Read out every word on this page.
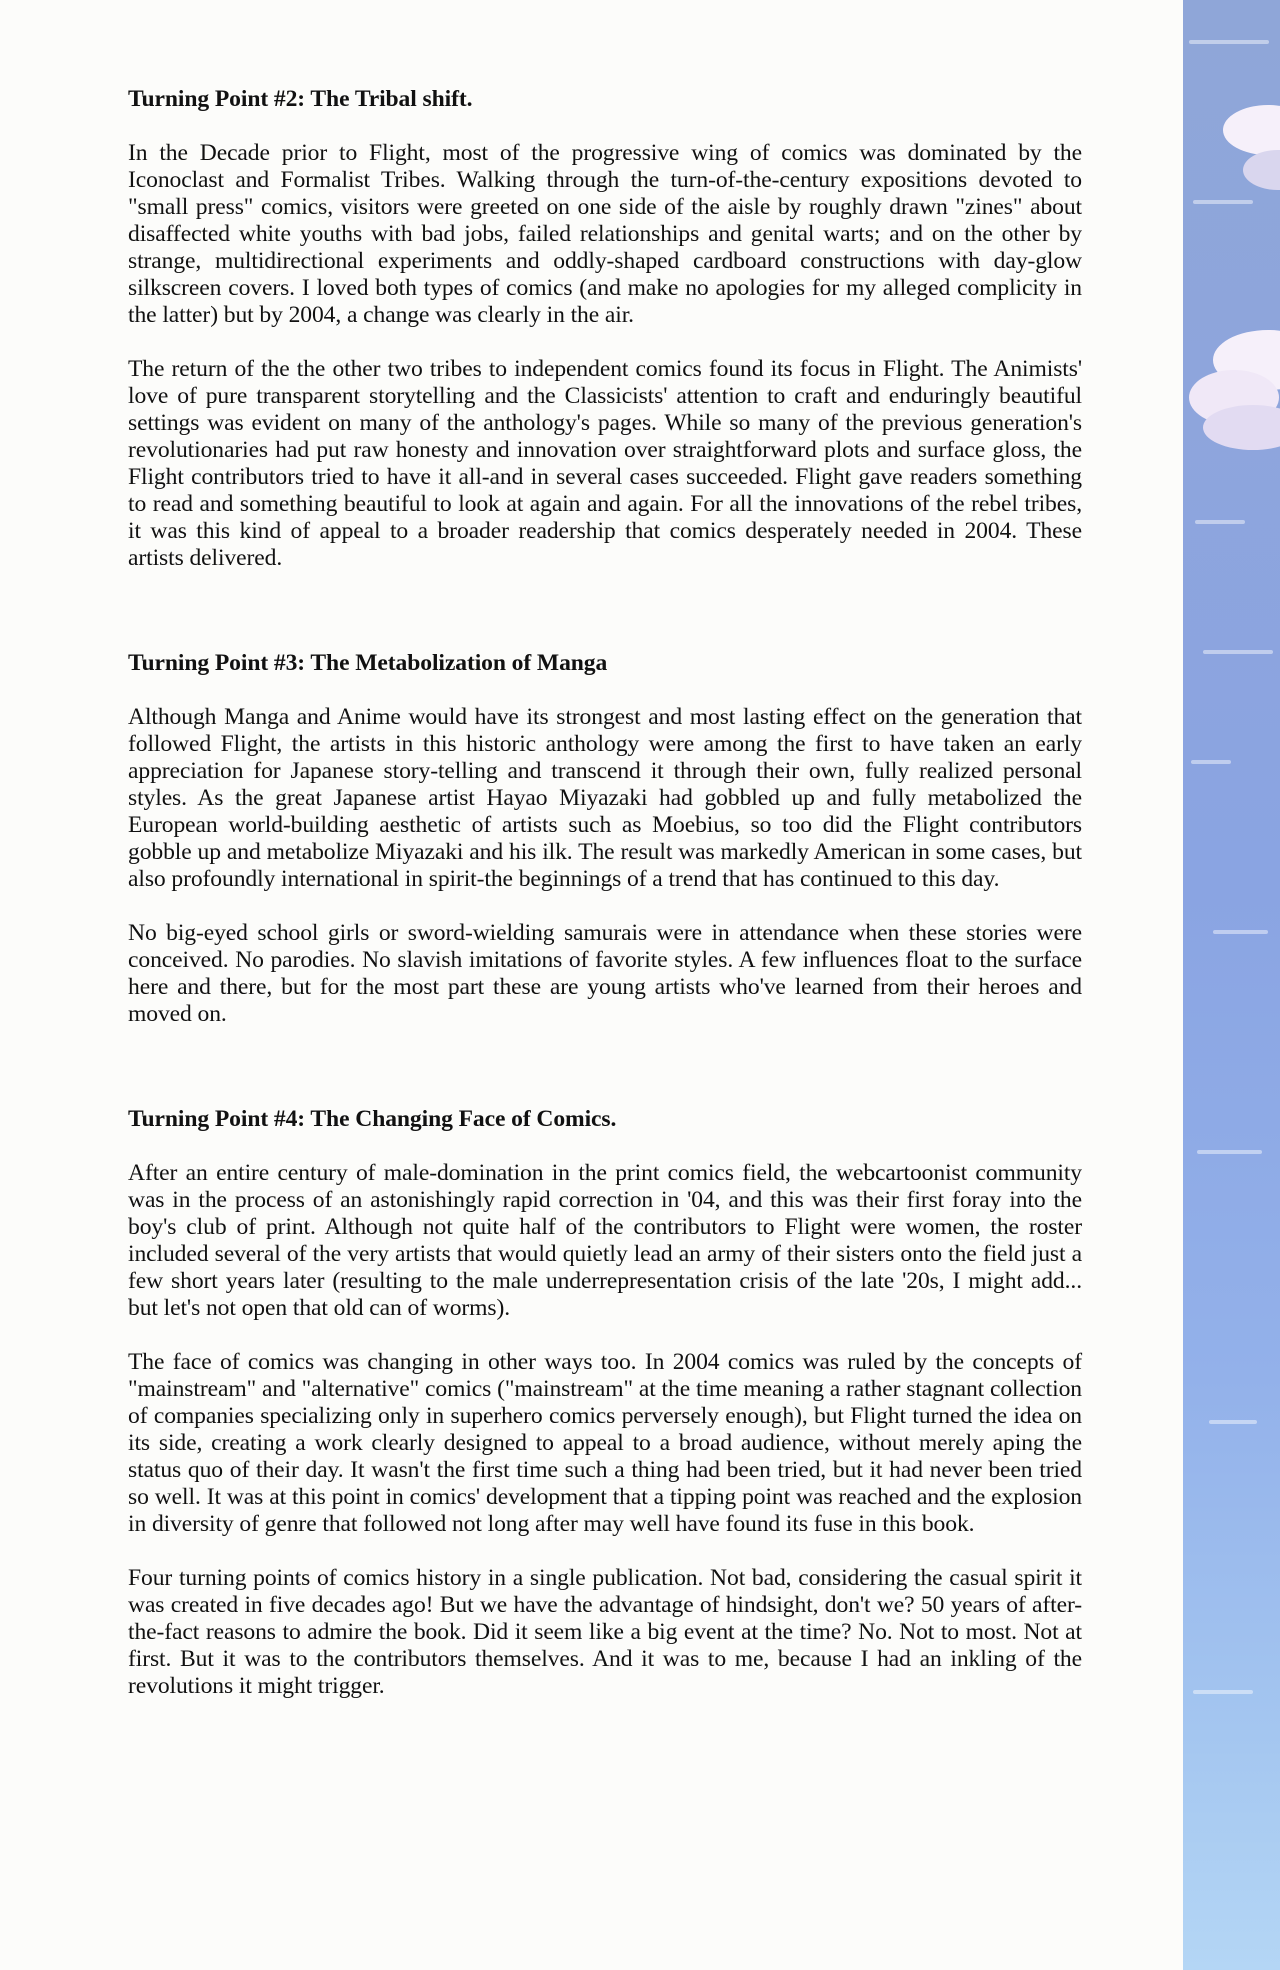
Turning Point #2: The Tribal shift.

In the Decade prior to Flight, most of the progressive wing of comics was dominated by the Iconoclast and Formalist Tribes. Walking through the turn-of-the-century expositions devoted to "small press" comics, visitors were greeted on one side of the aisle by roughly drawn "zines" about disaffected white youths with bad jobs, failed relationships and genital warts; and on the other by strange, multidirectional experiments and oddly-shaped cardboard constructions with day-glow silkscreen covers. I loved both types of comics (and make no apologies for my alleged complicity in the latter) but by 2004, a change was clearly in the air.

The return of the the other two tribes to independent comics found its focus in Flight. The Animists' love of pure transparent storytelling and the Classicists' attention to craft and enduringly beautiful settings was evident on many of the anthology's pages. While so many of the previous generation's revolutionaries had put raw honesty and innovation over straightforward plots and surface gloss, the Flight contributors tried to have it all-and in several cases succeeded. Flight gave readers something to read and something beautiful to look at again and again. For all the innovations of the rebel tribes, it was this kind of appeal to a broader readership that comics desperately needed in 2004. These artists delivered.

Turning Point #3: The Metabolization of Manga

Although Manga and Anime would have its strongest and most lasting effect on the generation that followed Flight, the artists in this historic anthology were among the first to have taken an early appreciation for Japanese story-telling and transcend it through their own, fully realized personal styles. As the great Japanese artist Hayao Miyazaki had gobbled up and fully metabolized the European world-building aesthetic of artists such as Moebius, so too did the Flight contributors gobble up and metabolize Miyazaki and his ilk. The result was markedly American in some cases, but also profoundly international in spirit-the beginnings of a trend that has continued to this day.

No big-eyed school girls or sword-wielding samurais were in attendance when these stories were conceived. No parodies. No slavish imitations of favorite styles. A few influences float to the surface here and there, but for the most part these are young artists who've learned from their heroes and moved on.

Turning Point #4: The Changing Face of Comics.

After an entire century of male-domination in the print comics field, the webcartoonist community was in the process of an astonishingly rapid correction in '04, and this was their first foray into the boy's club of print. Although not quite half of the contributors to Flight were women, the roster included several of the very artists that would quietly lead an army of their sisters onto the field just a few short years later (resulting to the male underrepresentation crisis of the late '20s, I might add... but let's not open that old can of worms).

The face of comics was changing in other ways too. In 2004 comics was ruled by the concepts of "mainstream" and "alternative" comics ("mainstream" at the time meaning a rather stagnant collection of companies specializing only in superhero comics perversely enough), but Flight turned the idea on its side, creating a work clearly designed to appeal to a broad audience, without merely aping the status quo of their day. It wasn't the first time such a thing had been tried, but it had never been tried so well. It was at this point in comics' development that a tipping point was reached and the explosion in diversity of genre that followed not long after may well have found its fuse in this book.

Four turning points of comics history in a single publication. Not bad, considering the casual spirit it was created in five decades ago! But we have the advantage of hindsight, don't we? 50 years of after-the-fact reasons to admire the book. Did it seem like a big event at the time? No. Not to most. Not at first. But it was to the contributors themselves. And it was to me, because I had an inkling of the revolutions it might trigger.
